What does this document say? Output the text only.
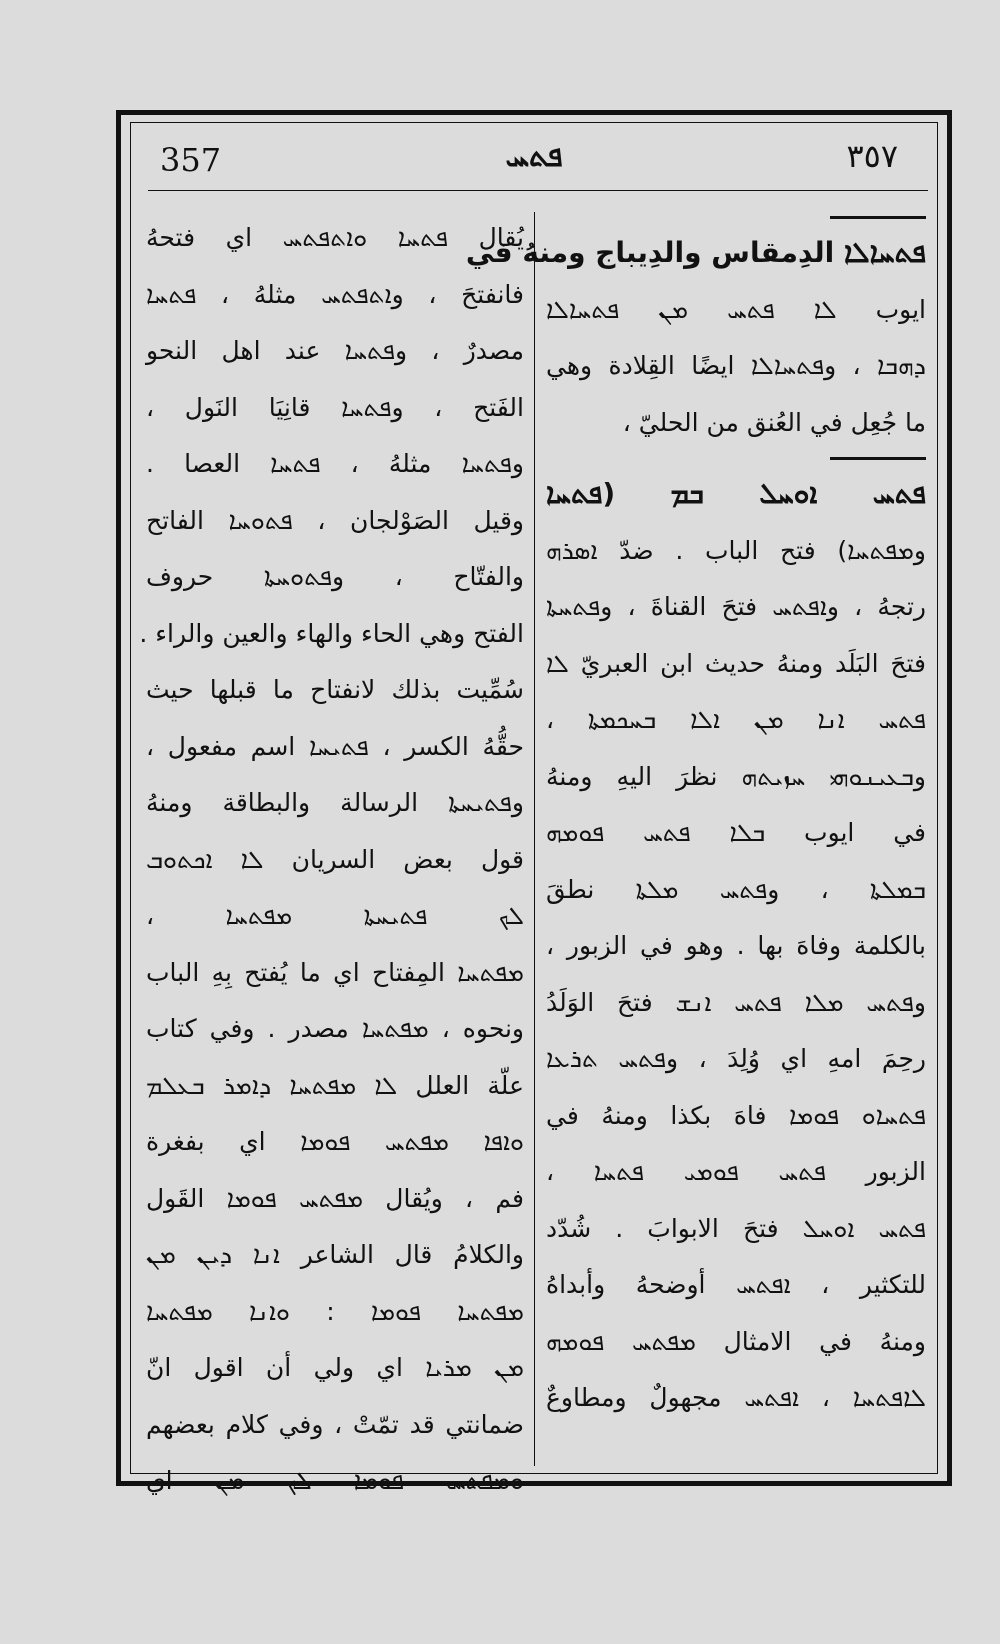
357	ܦܬܚ	٣٥٧
ܦܬܚܐܠܐ الدِمقاس والدِيباج ومنهُ في
ايوب ܠܐ ܦܬܚ ܡܢ ܦܬܚܐܠܐ
ܕܗܒܐ ، وܦܬܚܐܠܐ ايضًا القِلادة وهي
ما جُعِل في العُنق من الحليّ ،
ܦܬܚ ܐܘܚܠ ܒܡ (ܦܬܚܐ
وܡܦܬܚܐ) فتح الباب . ضدّ ܐܣܪܗ
رتجهُ ، وܐܦܬܚ فتحَ القناةَ ، وܦܬܚܬܐ
فتحَ البَلَد ومنهُ حديث ابن العبريّ ܠܐ
ܦܬܚ ܐܢܐ ܡܢ ܐܠܐ ܒܚܟܡܬܐ ،
وܒܥܝܢܘܗܝ ܚܙܝܬܗ نظرَ اليهِ ومنهُ
في ايوب ܒܠܐ ܦܬܚ ܦܘܡܗ
ܒܡܠܬܐ ، وܦܬܚ ܡܠܬܐ نطقَ
بالكلمة وفاهَ بها . وهو في الزبور ،
وܦܬܚ ܡܠܐ ܦܬܚ ܐܢܫ فتحَ الوَلَدُ
رحِمَ امهِ اي وُلِدَ ، وܦܬܚ ܬܪܥܐ
ܦܬܚܐܘ ܦܘܡܐ فاهَ بكذا ومنهُ في
الزبور ܦܬܚ ܦܘܡܝ ܦܬܚܐ ،
ܦܬܚ ܐܘܚܠ فتحَ الابوابَ . شُدّد
للتكثير ، ܐܦܬܚ أوضحهُ وأبداهُ
ومنهُ في الامثال ܡܦܬܚ ܦܘܡܗ
ܠܐܦܬܚܐ ، ܐܦܬܚ مجهولٌ ومطاوعٌ
يُقال ܦܬܚܐ ܘܐܬܦܬܚ اي فتحهُ
فانفتحَ ، وܐܬܦܬܚ مثلهُ ، ܦܬܚܐ
مصدرٌ ، وܦܬܚܐ عند اهل النحو
الفَتح ، وܦܬܚܐ قانِيَا النَول ،
وܦܬܚܐ مثلهُ ، ܦܬܚܐ العصا .
وقيل الصَوْلجان ، ܦܬܘܚܐ الفاتح
والفتّاح ، وܦܬܘܚܬܐ حروف
الفتح وهي الحاء والهاء والعين والراء .
سُمِّيت بذلك لانفتاح ما قبلها حيث
حقُّهُ الكسر ، ܦܬܝܚܐ اسم مفعول ،
وܦܬܝܚܬܐ الرسالة والبطاقة ومنهُ
قول بعض السريان ܠܐ ܐܟܬܘܒ
ܠܟ ܦܬܝܚܬܐ ܡܦܬܚܐ ،
ܡܦܬܚܐ المِفتاح اي ما يُفتح بِهِ الباب
ونحوه ، ܡܦܬܚܐ مصدر . وفي كتاب
علّة العلل ܠܐ ܡܦܬܚܐ ܕܐܡܪ ܒܥܠܡ
ܘܐܦܐ ܡܦܬܚ ܦܘܡܐ اي بفغرة
فم ، ويُقال ܡܦܬܚ ܦܘܡܐ القَول
والكلامُ قال الشاعر ܐܢܐ ܕܝܢ ܡܢ
ܡܦܬܚܐ ܦܘܡܐ : ܘܐܢܐ ܡܦܬܚܐ
ܡܢ ܡܪܝܐ اي ولي أن اقول انّ
ضمانتي قد تمّتْ ، وفي كلام بعضهم
ܘܡܦܬܚ ܦܘܡܐ ܠܟ ܡܢ اي
